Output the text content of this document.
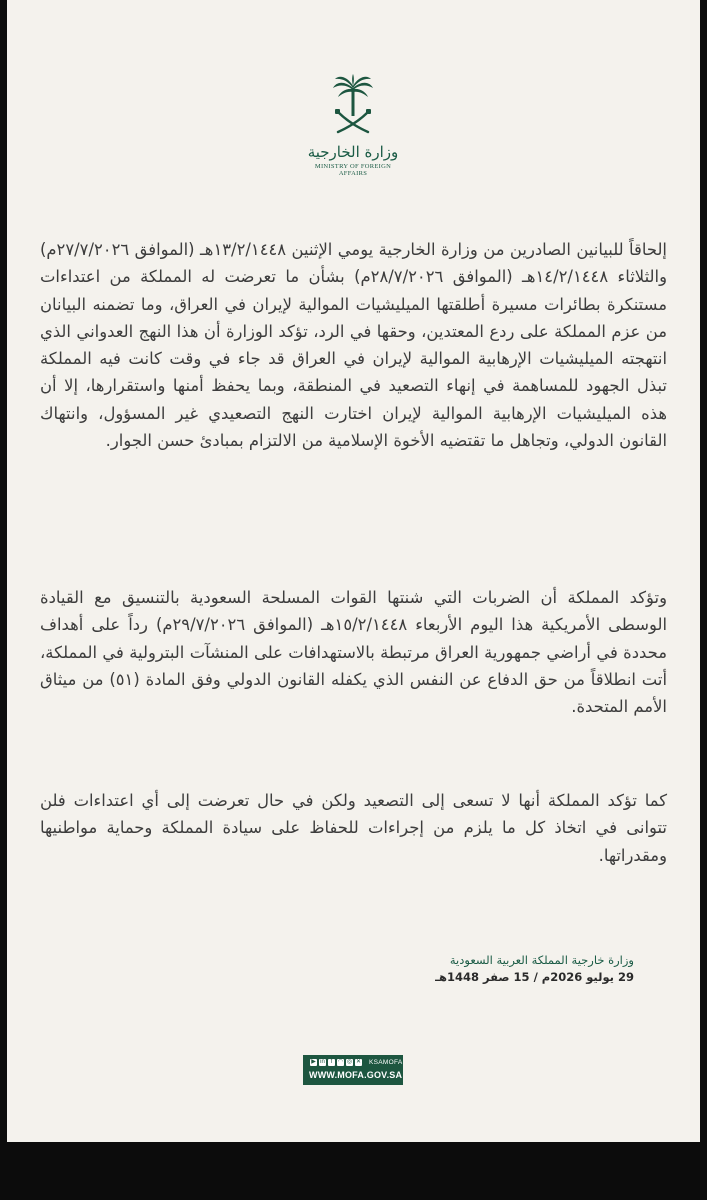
وزارة الخارجية
MINISTRY OF FOREIGN AFFAIRS

إلحاقاً للبيانين الصادرين من وزارة الخارجية يومي الإثنين ١٣/٢/١٤٤٨هـ (الموافق ٢٧/٧/٢٠٢٦م) والثلاثاء ١٤/٢/١٤٤٨هـ (الموافق ٢٨/٧/٢٠٢٦م) بشأن ما تعرضت له المملكة من اعتداءات مستنكرة بطائرات مسيرة أطلقتها الميليشيات الموالية لإيران في العراق، وما تضمنه البيانان من عزم المملكة على ردع المعتدين، وحقها في الرد، تؤكد الوزارة أن هذا النهج العدواني الذي انتهجته الميليشيات الإرهابية الموالية لإيران في العراق قد جاء في وقت كانت فيه المملكة تبذل الجهود للمساهمة في إنهاء التصعيد في المنطقة، وبما يحفظ أمنها واستقرارها، إلا أن هذه الميليشيات الإرهابية الموالية لإيران اختارت النهج التصعيدي غير المسؤول، وانتهاك القانون الدولي، وتجاهل ما تقتضيه الأخوة الإسلامية من الالتزام بمبادئ حسن الجوار.

وتؤكد المملكة أن الضربات التي شنتها القوات المسلحة السعودية بالتنسيق مع القيادة الوسطى الأمريكية هذا اليوم الأربعاء ١٥/٢/١٤٤٨هـ (الموافق ٢٩/٧/٢٠٢٦م) رداً على أهداف محددة في أراضي جمهورية العراق مرتبطة بالاستهدافات على المنشآت البترولية في المملكة، أتت انطلاقاً من حق الدفاع عن النفس الذي يكفله القانون الدولي وفق المادة (٥١) من ميثاق الأمم المتحدة.

كما تؤكد المملكة أنها لا تسعى إلى التصعيد ولكن في حال تعرضت إلى أي اعتداءات فلن تتوانى في اتخاذ كل ما يلزم من إجراءات للحفاظ على سيادة المملكة وحماية مواطنيها ومقدراتها.

وزارة خارجية المملكة العربية السعودية
29 يوليو 2026م / 15 صفر 1448هـ
▶ in f ◠ ◎ ✕ KSAMOFA
WWW.MOFA.GOV.SA
